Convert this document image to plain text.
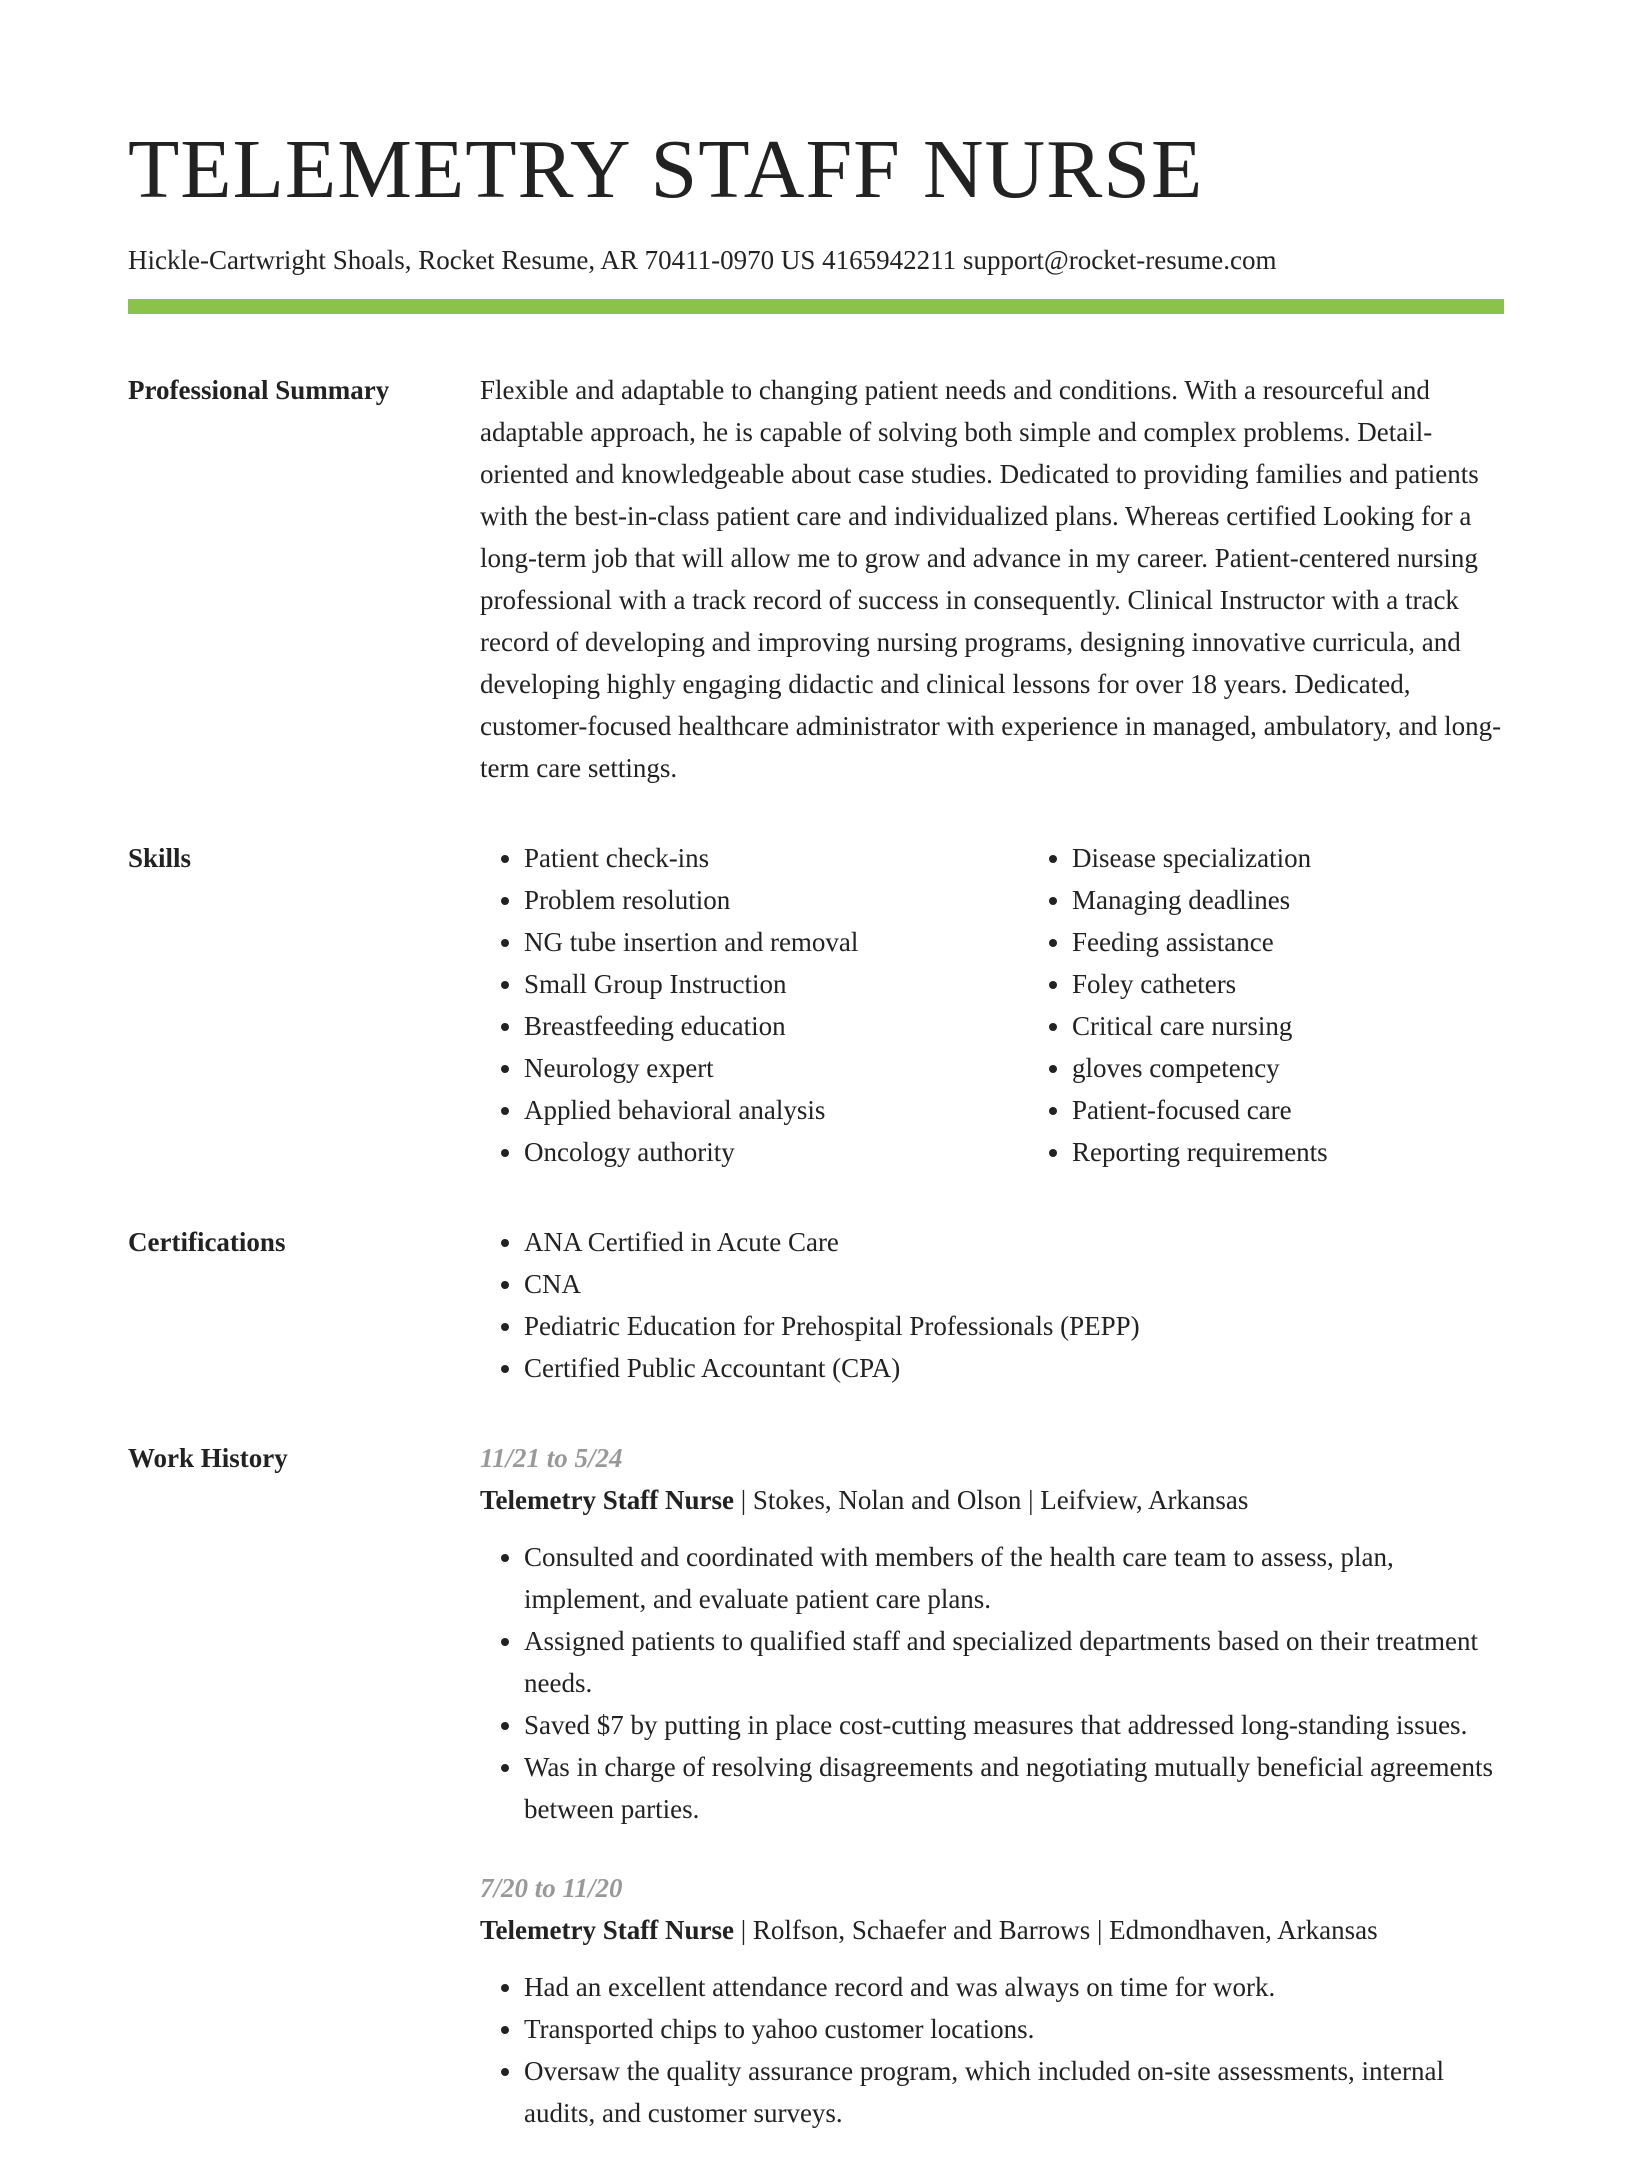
TELEMETRY STAFF NURSE
Hickle-Cartwright Shoals, Rocket Resume, AR 70411-0970 US 4165942211 support@rocket-resume.com
Professional Summary	Flexible and adaptable to changing patient needs and conditions. With a resourceful and adaptable approach, he is capable of solving both simple and complex problems. Detail-oriented and knowledgeable about case studies. Dedicated to providing families and patients with the best-in-class patient care and individualized plans. Whereas certified Looking for a long-term job that will allow me to grow and advance in my career. Patient-centered nursing professional with a track record of success in consequently. Clinical Instructor with a track record of developing and improving nursing programs, designing innovative curricula, and developing highly engaging didactic and clinical lessons for over 18 years. Dedicated, customer-focused healthcare administrator with experience in managed, ambulatory, and long-term care settings.

Skills	• Patient check-ins
• Problem resolution
• NG tube insertion and removal
• Small Group Instruction
• Breastfeeding education
• Neurology expert
• Applied behavioral analysis
• Oncology authority
• Disease specialization
• Managing deadlines
• Feeding assistance
• Foley catheters
• Critical care nursing
• gloves competency
• Patient-focused care
• Reporting requirements
Certifications	• ANA Certified in Acute Care
• CNA
• Pediatric Education for Prehospital Professionals (PEPP)
• Certified Public Accountant (CPA)
Work History	11/21 to 5/24
Telemetry Staff Nurse | Stokes, Nolan and Olson | Leifview, Arkansas
• Consulted and coordinated with members of the health care team to assess, plan, implement, and evaluate patient care plans.
• Assigned patients to qualified staff and specialized departments based on their treatment needs.
• Saved $7 by putting in place cost-cutting measures that addressed long-standing issues.
• Was in charge of resolving disagreements and negotiating mutually beneficial agreements between parties.
7/20 to 11/20
Telemetry Staff Nurse | Rolfson, Schaefer and Barrows | Edmondhaven, Arkansas
• Had an excellent attendance record and was always on time for work.
• Transported chips to yahoo customer locations.
• Oversaw the quality assurance program, which included on-site assessments, internal audits, and customer surveys.
